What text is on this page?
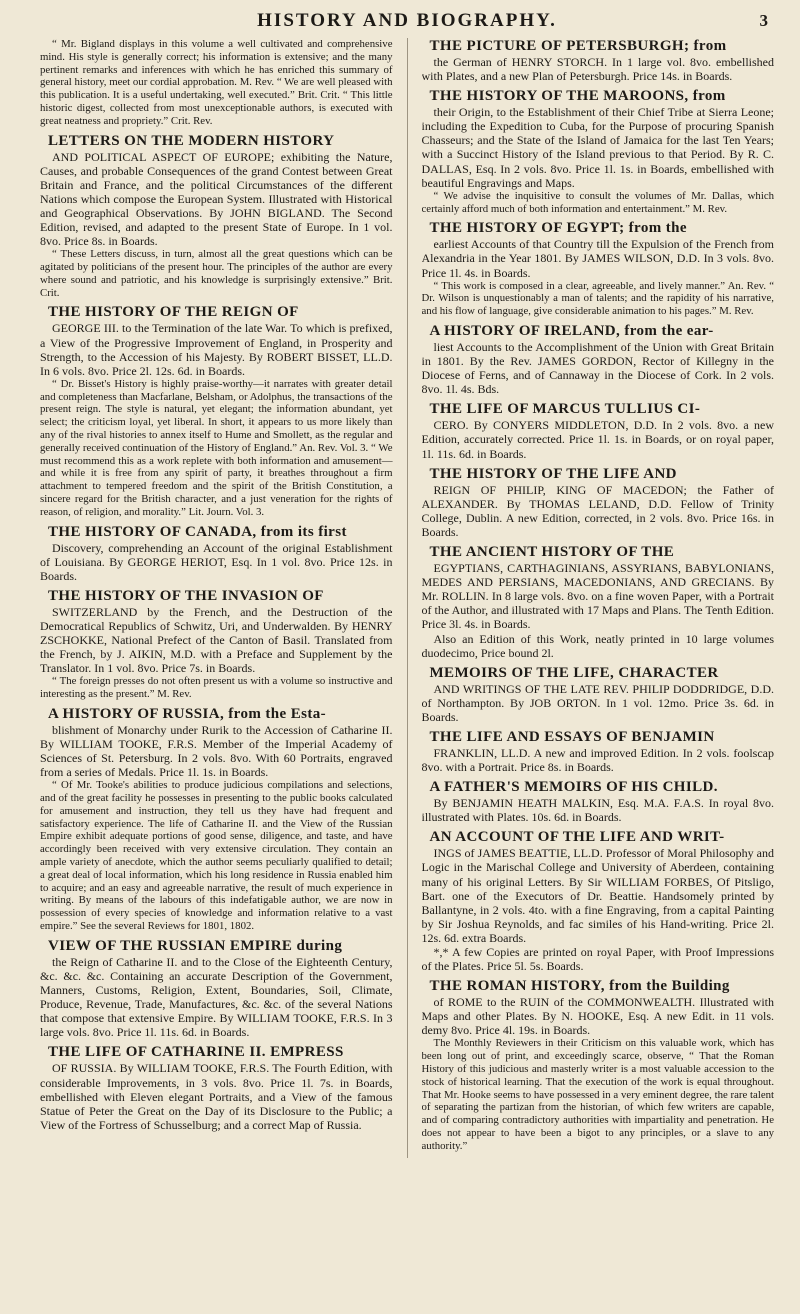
HISTORY AND BIOGRAPHY.	3

“ Mr. Bigland displays in this volume a well cultivated and comprehensive mind. His style is generally correct; his information is extensive; and the many pertinent remarks and inferences with which he has enriched this summary of general history, meet our cordial approbation. M. Rev. “ We are well pleased with this publication. It is a useful undertaking, well executed.” Brit. Crit. “ This little historic digest, collected from most unexceptionable authors, is executed with great neatness and propriety.” Crit. Rev.

LETTERS ON THE MODERN HISTORY

AND POLITICAL ASPECT OF EUROPE; exhibiting the Nature, Causes, and probable Consequences of the grand Contest between Great Britain and France, and the political Circumstances of the different Nations which compose the European System. Illustrated with Historical and Geographical Observations. By JOHN BIGLAND. The Second Edition, revised, and adapted to the present State of Europe. In 1 vol. 8vo. Price 8s. in Boards.

“ These Letters discuss, in turn, almost all the great questions which can be agitated by politicians of the present hour. The principles of the author are every where sound and patriotic, and his knowledge is surprisingly extensive.” Brit. Crit.

THE HISTORY OF THE REIGN OF

GEORGE III. to the Termination of the late War. To which is prefixed, a View of the Progressive Improvement of England, in Prosperity and Strength, to the Accession of his Majesty. By ROBERT BISSET, LL.D. In 6 vols. 8vo. Price 2l. 12s. 6d. in Boards.

“ Dr. Bisset's History is highly praise-worthy—it narrates with greater detail and completeness than Macfarlane, Belsham, or Adolphus, the transactions of the present reign. The style is natural, yet elegant; the information abundant, yet select; the criticism loyal, yet liberal. In short, it appears to us more likely than any of the rival histories to annex itself to Hume and Smollett, as the regular and generally received continuation of the History of England.” An. Rev. Vol. 3. “ We must recommend this as a work replete with both information and amusement—and while it is free from any spirit of party, it breathes throughout a firm attachment to tempered freedom and the spirit of the British Constitution, a sincere regard for the British character, and a just veneration for the rights of reason, of religion, and morality.” Lit. Journ. Vol. 3.

THE HISTORY OF CANADA, from its first

Discovery, comprehending an Account of the original Establishment of Louisiana. By GEORGE HERIOT, Esq. In 1 vol. 8vo. Price 12s. in Boards.

THE HISTORY OF THE INVASION OF

SWITZERLAND by the French, and the Destruction of the Democratical Republics of Schwitz, Uri, and Underwalden. By HENRY ZSCHOKKE, National Prefect of the Canton of Basil. Translated from the French, by J. AIKIN, M.D. with a Preface and Supplement by the Translator. In 1 vol. 8vo. Price 7s. in Boards.

“ The foreign presses do not often present us with a volume so instructive and interesting as the present.” M. Rev.

A HISTORY OF RUSSIA, from the Esta-

blishment of Monarchy under Rurik to the Accession of Catharine II. By WILLIAM TOOKE, F.R.S. Member of the Imperial Academy of Sciences of St. Petersburg. In 2 vols. 8vo. With 60 Portraits, engraved from a series of Medals. Price 1l. 1s. in Boards.

“ Of Mr. Tooke's abilities to produce judicious compilations and selections, and of the great facility he possesses in presenting to the public books calculated for amusement and instruction, they tell us they have had frequent and satisfactory experience. The life of Catharine II. and the View of the Russian Empire exhibit adequate portions of good sense, diligence, and taste, and have accordingly been received with very extensive circulation. They contain an ample variety of anecdote, which the author seems peculiarly qualified to detail; a great deal of local information, which his long residence in Russia enabled him to acquire; and an easy and agreeable narrative, the result of much experience in writing. By means of the labours of this indefatigable author, we are now in possession of every species of knowledge and information relative to a vast empire.” See the several Reviews for 1801, 1802.

VIEW OF THE RUSSIAN EMPIRE during

the Reign of Catharine II. and to the Close of the Eighteenth Century, &c. &c. &c. Containing an accurate Description of the Government, Manners, Customs, Religion, Extent, Boundaries, Soil, Climate, Produce, Revenue, Trade, Manufactures, &c. &c. of the several Nations that compose that extensive Empire. By WILLIAM TOOKE, F.R.S. In 3 large vols. 8vo. Price 1l. 11s. 6d. in Boards.

THE LIFE OF CATHARINE II. EMPRESS

OF RUSSIA. By WILLIAM TOOKE, F.R.S. The Fourth Edition, with considerable Improvements, in 3 vols. 8vo. Price 1l. 7s. in Boards, embellished with Eleven elegant Portraits, and a View of the famous Statue of Peter the Great on the Day of its Disclosure to the Public; a View of the Fortress of Schusselburg; and a correct Map of Russia.

THE PICTURE OF PETERSBURGH; from

the German of HENRY STORCH. In 1 large vol. 8vo. embellished with Plates, and a new Plan of Petersburgh. Price 14s. in Boards.

THE HISTORY OF THE MAROONS, from

their Origin, to the Establishment of their Chief Tribe at Sierra Leone; including the Expedition to Cuba, for the Purpose of procuring Spanish Chasseurs; and the State of the Island of Jamaica for the last Ten Years; with a Succinct History of the Island previous to that Period. By R. C. DALLAS, Esq. In 2 vols. 8vo. Price 1l. 1s. in Boards, embellished with beautiful Engravings and Maps.

“ We advise the inquisitive to consult the volumes of Mr. Dallas, which certainly afford much of both information and entertainment.” M. Rev.

THE HISTORY OF EGYPT; from the

earliest Accounts of that Country till the Expulsion of the French from Alexandria in the Year 1801. By JAMES WILSON, D.D. In 3 vols. 8vo. Price 1l. 4s. in Boards.

“ This work is composed in a clear, agreeable, and lively manner.” An. Rev. “ Dr. Wilson is unquestionably a man of talents; and the rapidity of his narrative, and his flow of language, give considerable animation to his pages.” M. Rev.

A HISTORY OF IRELAND, from the ear-

liest Accounts to the Accomplishment of the Union with Great Britain in 1801. By the Rev. JAMES GORDON, Rector of Killegny in the Diocese of Ferns, and of Cannaway in the Diocese of Cork. In 2 vols. 8vo. 1l. 4s. Bds.

THE LIFE OF MARCUS TULLIUS CI-

CERO. By CONYERS MIDDLETON, D.D. In 2 vols. 8vo. a new Edition, accurately corrected. Price 1l. 1s. in Boards, or on royal paper, 1l. 11s. 6d. in Boards.

THE HISTORY OF THE LIFE AND

REIGN OF PHILIP, KING OF MACEDON; the Father of ALEXANDER. By THOMAS LELAND, D.D. Fellow of Trinity College, Dublin. A new Edition, corrected, in 2 vols. 8vo. Price 16s. in Boards.

THE ANCIENT HISTORY OF THE

EGYPTIANS, CARTHAGINIANS, ASSYRIANS, BABYLONIANS, MEDES AND PERSIANS, MACEDONIANS, AND GRECIANS. By Mr. ROLLIN. In 8 large vols. 8vo. on a fine woven Paper, with a Portrait of the Author, and illustrated with 17 Maps and Plans. The Tenth Edition. Price 3l. 4s. in Boards.

Also an Edition of this Work, neatly printed in 10 large volumes duodecimo, Price bound 2l.

MEMOIRS OF THE LIFE, CHARACTER

AND WRITINGS OF THE LATE REV. PHILIP DODDRIDGE, D.D. of Northampton. By JOB ORTON. In 1 vol. 12mo. Price 3s. 6d. in Boards.

THE LIFE AND ESSAYS OF BENJAMIN

FRANKLIN, LL.D. A new and improved Edition. In 2 vols. foolscap 8vo. with a Portrait. Price 8s. in Boards.

A FATHER'S MEMOIRS OF HIS CHILD.

By BENJAMIN HEATH MALKIN, Esq. M.A. F.A.S. In royal 8vo. illustrated with Plates. 10s. 6d. in Boards.

AN ACCOUNT OF THE LIFE AND WRIT-

INGS of JAMES BEATTIE, LL.D. Professor of Moral Philosophy and Logic in the Marischal College and University of Aberdeen, containing many of his original Letters. By Sir WILLIAM FORBES, Of Pitsligo, Bart. one of the Executors of Dr. Beattie. Handsomely printed by Ballantyne, in 2 vols. 4to. with a fine Engraving, from a capital Painting by Sir Joshua Reynolds, and fac similes of his Hand-writing. Price 2l. 12s. 6d. extra Boards.

*,* A few Copies are printed on royal Paper, with Proof Impressions of the Plates. Price 5l. 5s. Boards.

THE ROMAN HISTORY, from the Building

of ROME to the RUIN of the COMMONWEALTH. Illustrated with Maps and other Plates. By N. HOOKE, Esq. A new Edit. in 11 vols. demy 8vo. Price 4l. 19s. in Boards.

The Monthly Reviewers in their Criticism on this valuable work, which has been long out of print, and exceedingly scarce, observe, “ That the Roman History of this judicious and masterly writer is a most valuable accession to the stock of historical learning. That the execution of the work is equal throughout. That Mr. Hooke seems to have possessed in a very eminent degree, the rare talent of separating the partizan from the historian, of which few writers are capable, and of comparing contradictory authorities with impartiality and penetration. He does not appear to have been a bigot to any principles, or a slave to any authority.”
